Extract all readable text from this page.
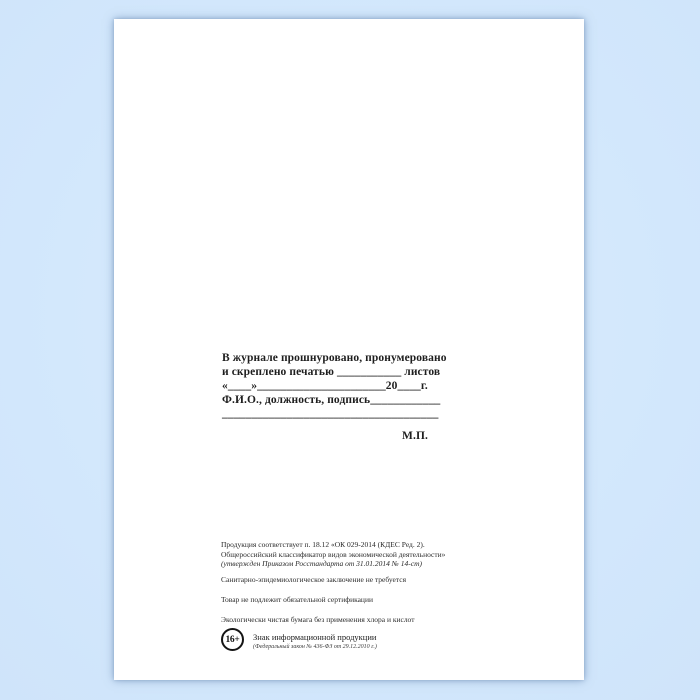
В журнале прошнуровано, пронумеровано
и скреплено печатью ___________ листов
«____»______________________20____г.
Ф.И.О., должность, подпись____________
_____________________________________
М.П.
Продукция соответствует п. 18.12 «ОК 029-2014 (КДЕС Ред. 2).
Общероссийский классификатор видов экономической деятельности»
(утвержден Приказом Росстандарта от 31.01.2014 № 14-ст)
Санитарно-эпидемиологическое заключение не требуется
Товар не подлежит обязательной сертификации
Экологически чистая бумага без применения хлора и кислот
16+	Знак информационной продукции
(Федеральный закон № 436-ФЗ от 29.12.2010 г.)
